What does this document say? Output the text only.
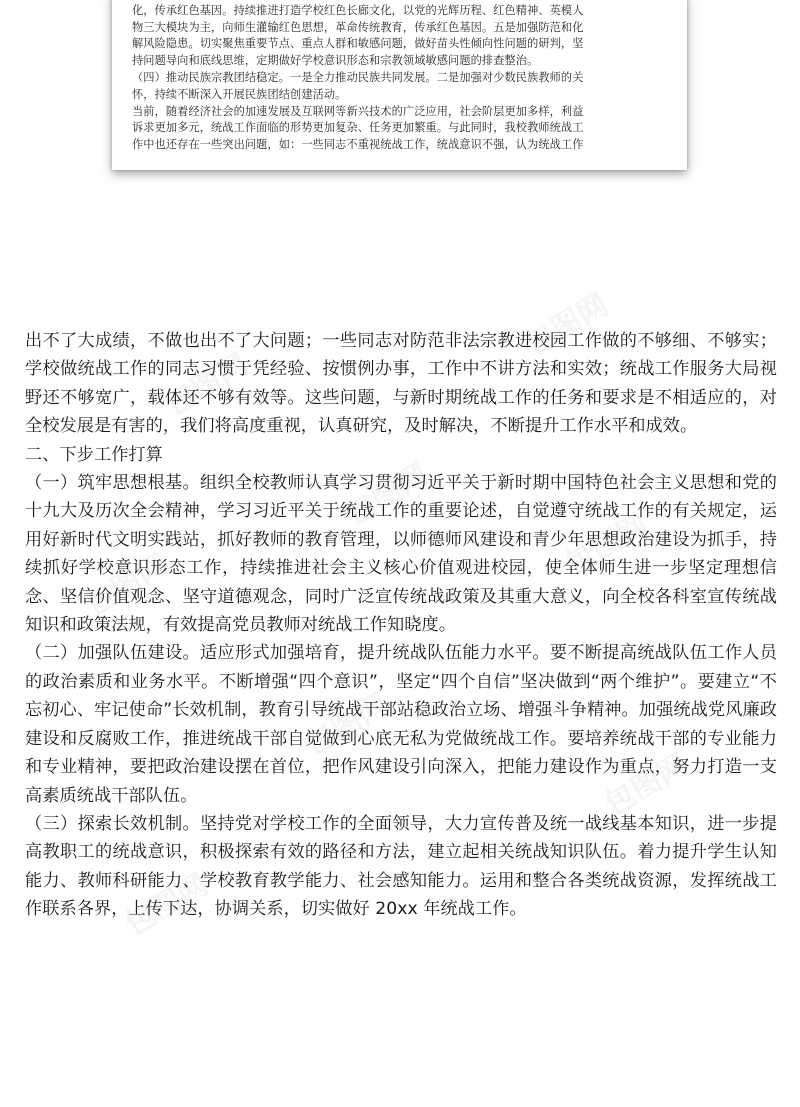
化，传承红色基因。持续推进打造学校红色长廊文化，以党的光辉历程、红色精神、英模人

物三大模块为主，向师生灌输红色思想，革命传统教育，传承红色基因。五是加强防范和化

解风险隐患。切实聚焦重要节点、重点人群和敏感问题，做好苗头性倾向性问题的研判，坚

持问题导向和底线思维，定期做好学校意识形态和宗教领域敏感问题的排查整治。

（四）推动民族宗教团结稳定。一是全力推动民族共同发展。二是加强对少数民族教师的关

怀，持续不断深入开展民族团结创建活动。

当前，随着经济社会的加速发展及互联网等新兴技术的广泛应用，社会阶层更加多样，利益

诉求更加多元，统战工作面临的形势更加复杂、任务更加繁重。与此同时，我校教师统战工

作中也还存在一些突出问题，如：一些同志不重视统战工作，统战意识不强，认为统战工作

出不了大成绩，不做也出不了大问题；一些同志对防范非法宗教进校园工作做的不够细、不够实；学校做统战工作的同志习惯于凭经验、按惯例办事，工作中不讲方法和实效；统战工作服务大局视野还不够宽广，载体还不够有效等。这些问题，与新时期统战工作的任务和要求是不相适应的，对全校发展是有害的，我们将高度重视，认真研究，及时解决，不断提升工作水平和成效。

二、下步工作打算

（一）筑牢思想根基。组织全校教师认真学习贯彻习近平关于新时期中国特色社会主义思想和党的十九大及历次全会精神，学习习近平关于统战工作的重要论述，自觉遵守统战工作的有关规定，运用好新时代文明实践站，抓好教师的教育管理，以师德师风建设和青少年思想政治建设为抓手，持续抓好学校意识形态工作，持续推进社会主义核心价值观进校园，使全体师生进一步坚定理想信念、坚信价值观念、坚守道德观念，同时广泛宣传统战政策及其重大意义，向全校各科室宣传统战知识和政策法规，有效提高党员教师对统战工作知晓度。

（二）加强队伍建设。适应形式加强培育，提升统战队伍能力水平。要不断提高统战队伍工作人员的政治素质和业务水平。不断增强“四个意识”，坚定“四个自信”坚决做到“两个维护”。要建立“不忘初心、牢记使命”长效机制，教育引导统战干部站稳政治立场、增强斗争精神。加强统战党风廉政建设和反腐败工作，推进统战干部自觉做到心底无私为党做统战工作。要培养统战干部的专业能力和专业精神，要把政治建设摆在首位，把作风建设引向深入，把能力建设作为重点，努力打造一支高素质统战干部队伍。

（三）探索长效机制。坚持党对学校工作的全面领导，大力宣传普及统一战线基本知识，进一步提高教职工的统战意识，积极探索有效的路径和方法，建立起相关统战知识队伍。着力提升学生认知能力、教师科研能力、学校教育教学能力、社会感知能力。运用和整合各类统战资源，发挥统战工作联系各界，上传下达，协调关系，切实做好 20xx 年统战工作。
